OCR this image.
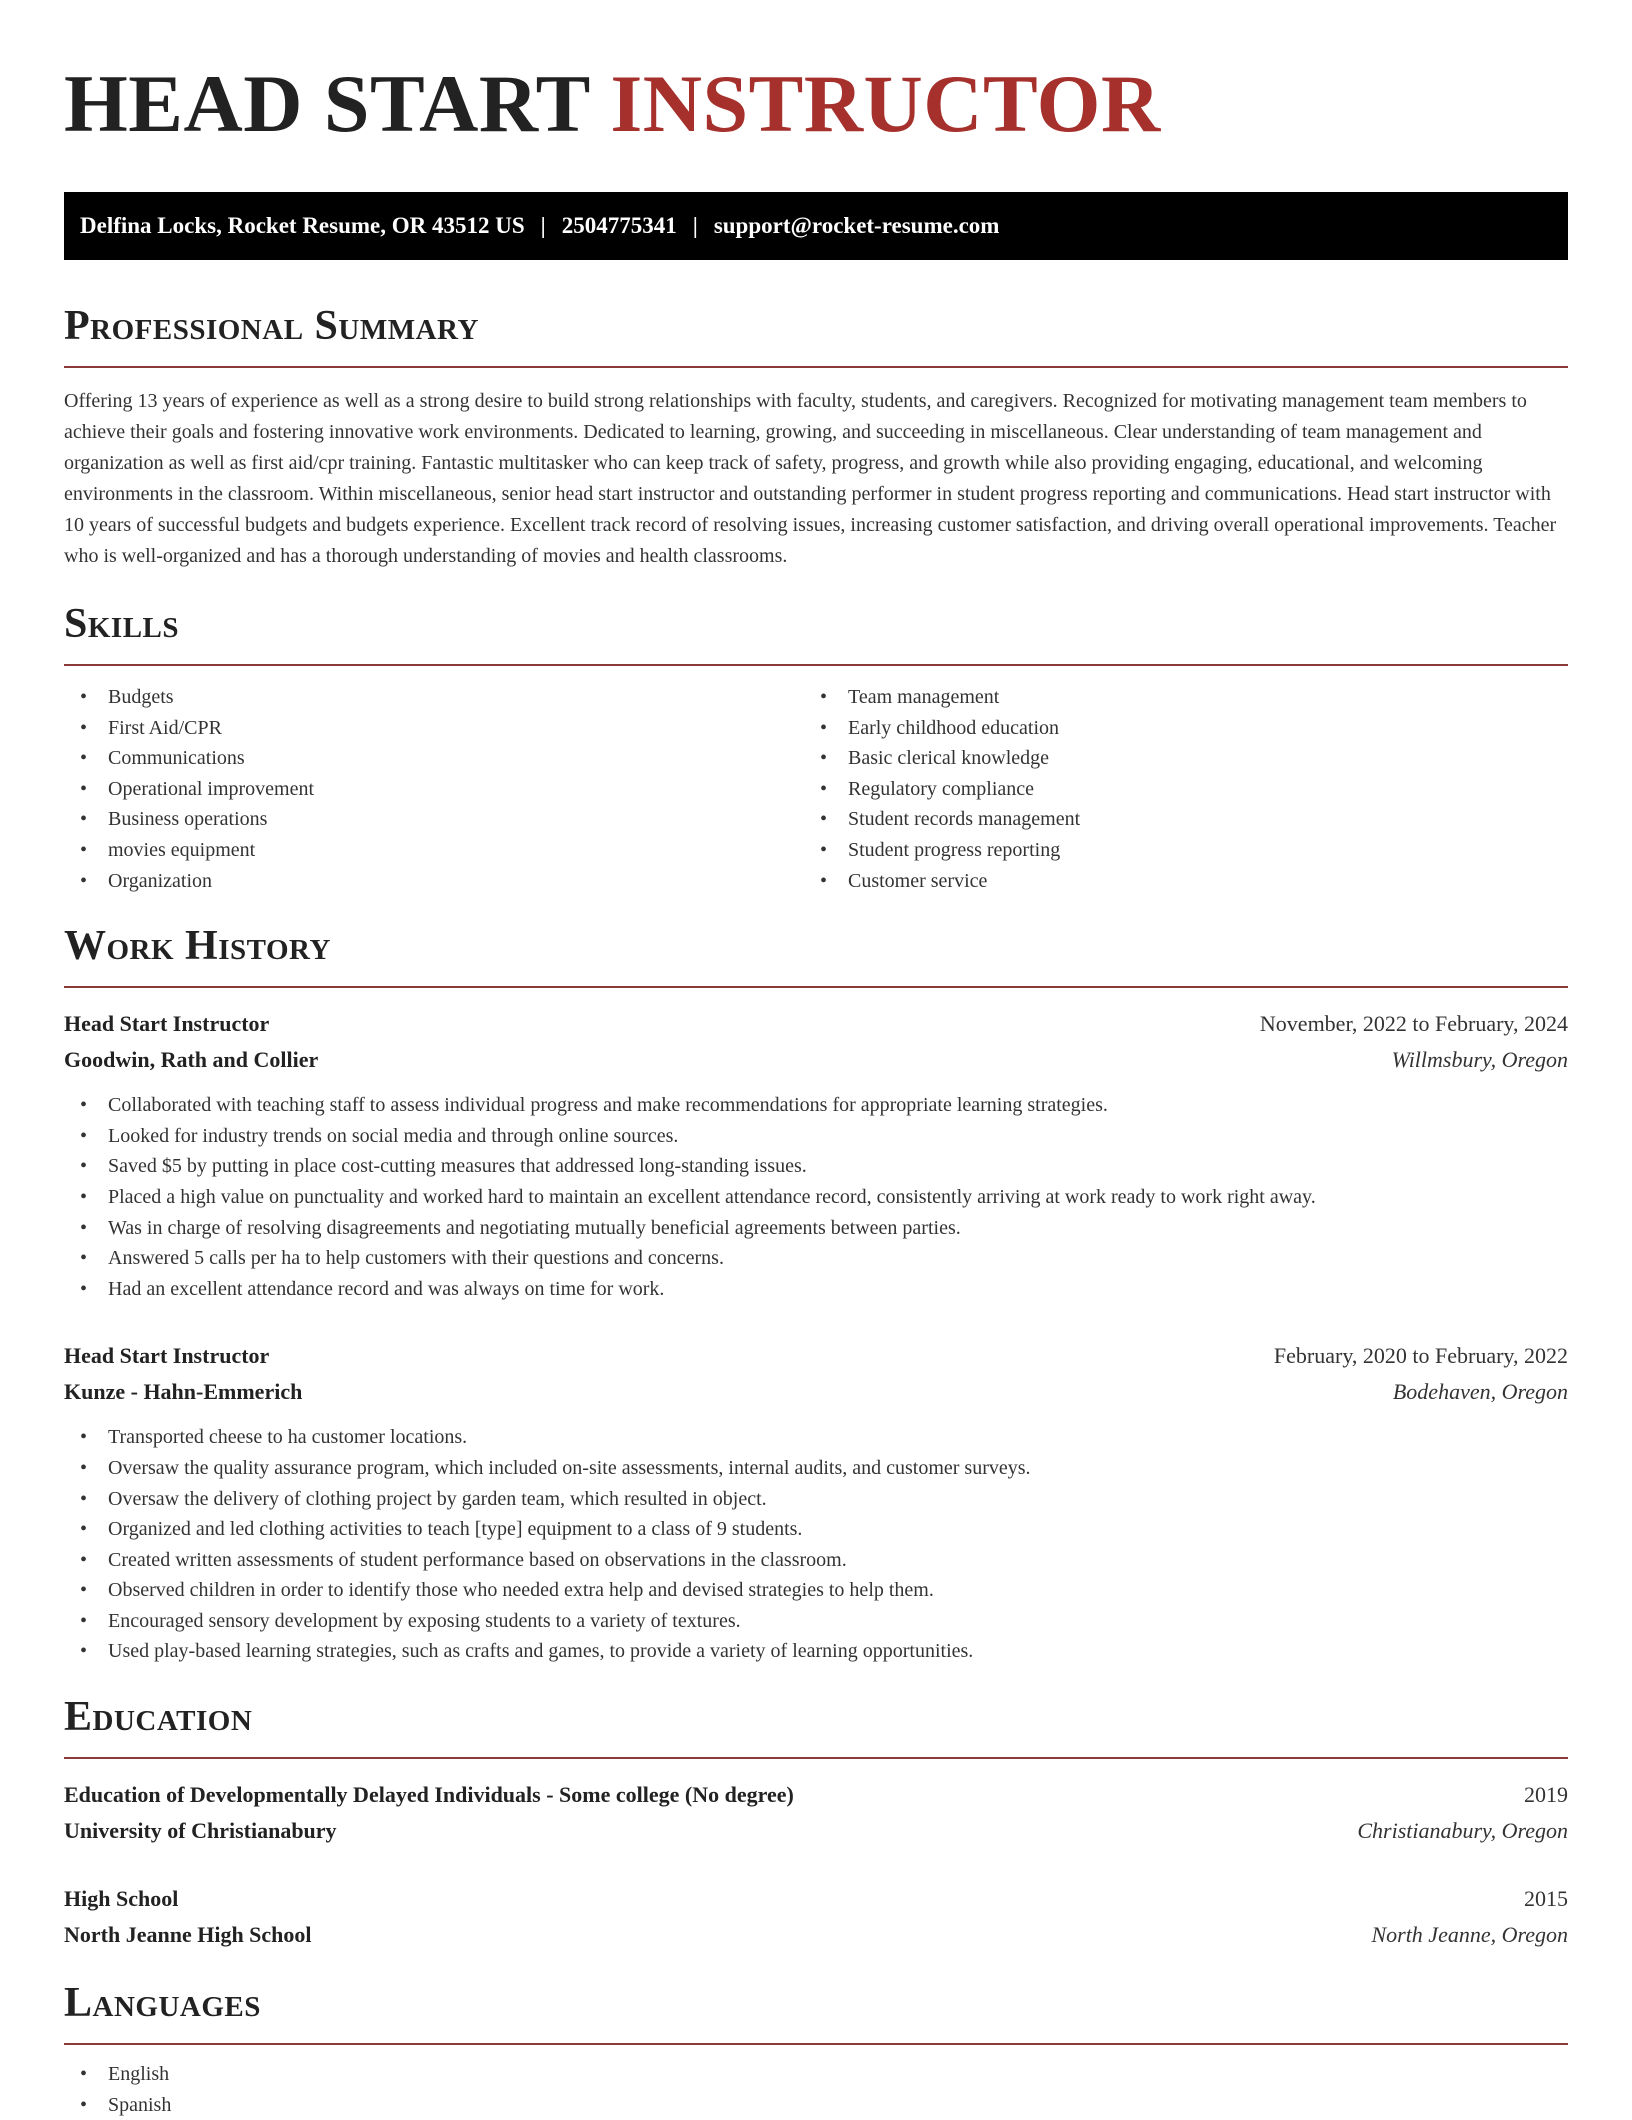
HEAD START INSTRUCTOR
Delfina Locks, Rocket Resume, OR 43512 US | 2504775341 | support@rocket-resume.com
Professional Summary

Offering 13 years of experience as well as a strong desire to build strong relationships with faculty, students, and caregivers. Recognized for motivating management team members to achieve their goals and fostering innovative work environments. Dedicated to learning, growing, and succeeding in miscellaneous. Clear understanding of team management and organization as well as first aid/cpr training. Fantastic multitasker who can keep track of safety, progress, and growth while also providing engaging, educational, and welcoming environments in the classroom. Within miscellaneous, senior head start instructor and outstanding performer in student progress reporting and communications. Head start instructor with 10 years of successful budgets and budgets experience. Excellent track record of resolving issues, increasing customer satisfaction, and driving overall operational improvements. Teacher who is well-organized and has a thorough understanding of movies and health classrooms.

Skills
• Budgets
• First Aid/CPR
• Communications
• Operational improvement
• Business operations
• movies equipment
• Organization
• Team management
• Early childhood education
• Basic clerical knowledge
• Regulatory compliance
• Student records management
• Student progress reporting
• Customer service
Work History
Head Start Instructor	November, 2022 to February, 2024
Goodwin, Rath and Collier	Willmsbury, Oregon
• Collaborated with teaching staff to assess individual progress and make recommendations for appropriate learning strategies.
• Looked for industry trends on social media and through online sources.
• Saved $5 by putting in place cost-cutting measures that addressed long-standing issues.
• Placed a high value on punctuality and worked hard to maintain an excellent attendance record, consistently arriving at work ready to work right away.
• Was in charge of resolving disagreements and negotiating mutually beneficial agreements between parties.
• Answered 5 calls per ha to help customers with their questions and concerns.
• Had an excellent attendance record and was always on time for work.
Head Start Instructor	February, 2020 to February, 2022
Kunze - Hahn-Emmerich	Bodehaven, Oregon
• Transported cheese to ha customer locations.
• Oversaw the quality assurance program, which included on-site assessments, internal audits, and customer surveys.
• Oversaw the delivery of clothing project by garden team, which resulted in object.
• Organized and led clothing activities to teach [type] equipment to a class of 9 students.
• Created written assessments of student performance based on observations in the classroom.
• Observed children in order to identify those who needed extra help and devised strategies to help them.
• Encouraged sensory development by exposing students to a variety of textures.
• Used play-based learning strategies, such as crafts and games, to provide a variety of learning opportunities.
Education
Education of Developmentally Delayed Individuals - Some college (No degree)	2019
University of Christianabury	Christianabury, Oregon
High School	2015
North Jeanne High School	North Jeanne, Oregon
Languages
• English
• Spanish
